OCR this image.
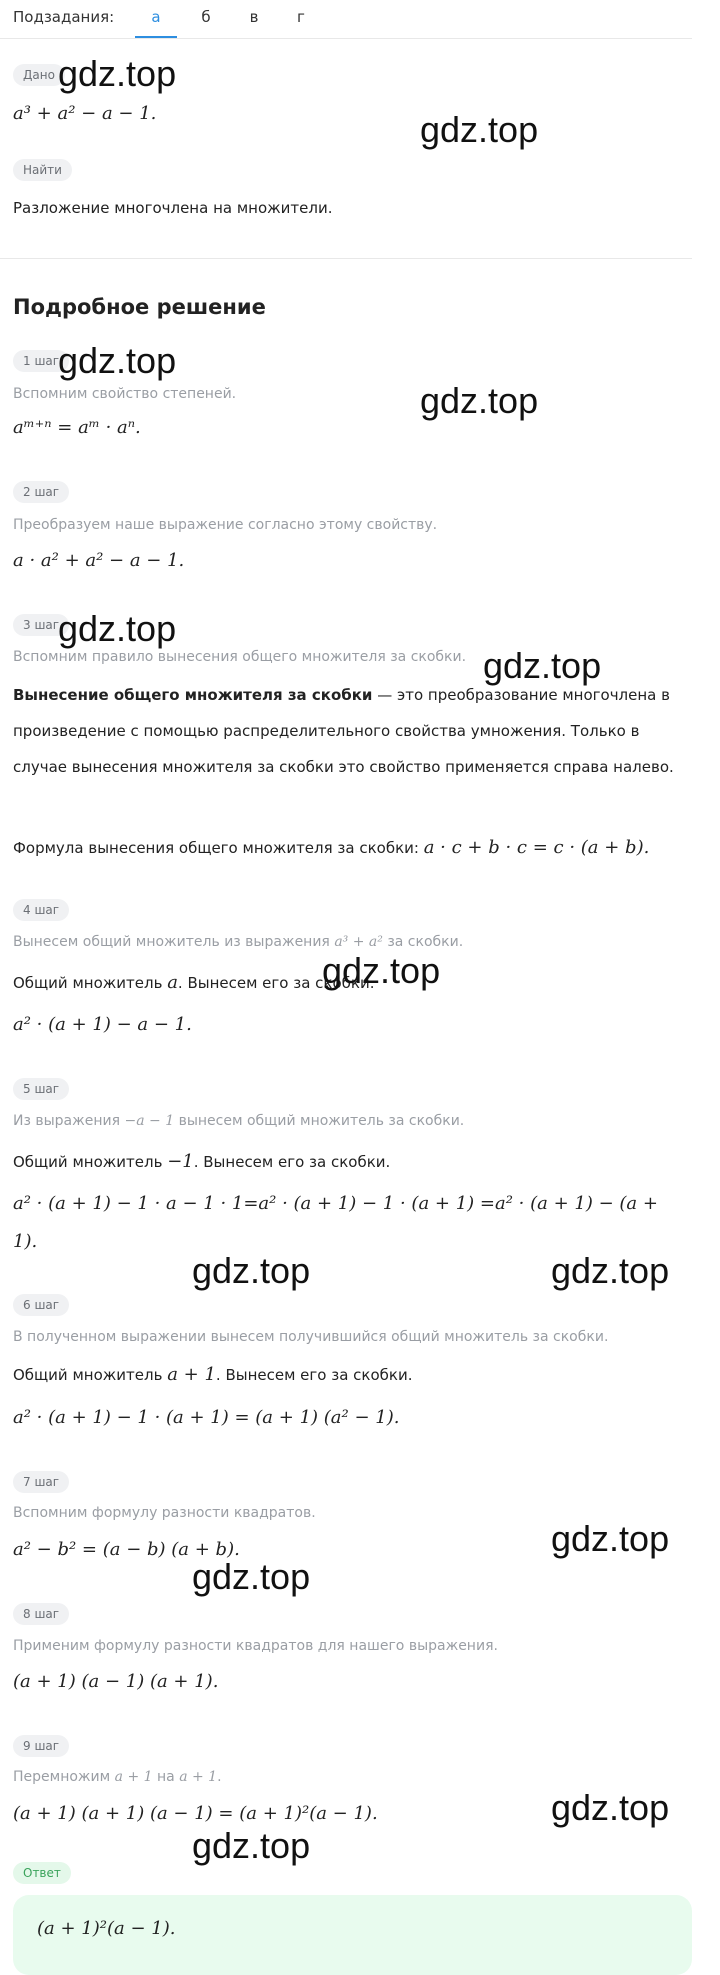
Подзадания:	а	б	в	г
Дано
a³ + a² − a − 1.
Найти
Разложение многочлена на множители.
Подробное решение
1 шаг
Вспомним свойство степеней.
aᵐ⁺ⁿ = aᵐ · aⁿ.
2 шаг
Преобразуем наше выражение согласно этому свойству.
a · a² + a² − a − 1.
3 шаг
Вспомним правило вынесения общего множителя за скобки.
Вынесение общего множителя за скобки — это преобразование многочлена в произведение с помощью распределительного свойства умножения. Только в случае вынесения множителя за скобки это свойство применяется справа налево.
Формула вынесения общего множителя за скобки: a · c + b · c = c · (a + b).
4 шаг
Вынесем общий множитель из выражения a³ + a² за скобки.
Общий множитель a. Вынесем его за скобки.
a² · (a + 1) − a − 1.
5 шаг
Из выражения −a − 1 вынесем общий множитель за скобки.
Общий множитель −1. Вынесем его за скобки.
a² · (a + 1) − 1 · a − 1 · 1=a² · (a + 1) − 1 · (a + 1) =a² · (a + 1) − (a +
1).
6 шаг
В полученном выражении вынесем получившийся общий множитель за скобки.
Общий множитель a + 1. Вынесем его за скобки.
a² · (a + 1) − 1 · (a + 1) = (a + 1) (a² − 1).
7 шаг
Вспомним формулу разности квадратов.
a² − b² = (a − b) (a + b).
8 шаг
Применим формулу разности квадратов для нашего выражения.
(a + 1) (a − 1) (a + 1).
9 шаг
Перемножим a + 1 на a + 1.
(a + 1) (a + 1) (a − 1) = (a + 1)²(a − 1).
Ответ
(a + 1)²(a − 1).
gdz.top
gdz.top
gdz.top
gdz.top
gdz.top
gdz.top
gdz.top
gdz.top	gdz.top
gdz.top
gdz.top
gdz.top
gdz.top
